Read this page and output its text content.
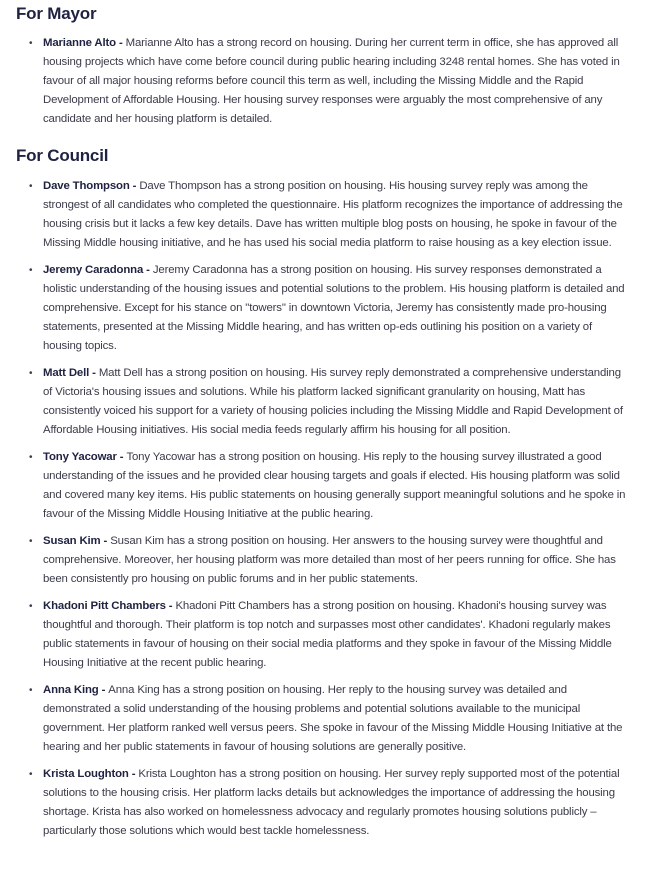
For Mayor
• Marianne Alto - Marianne Alto has a strong record on housing. During her current term in office, she has approved all housing projects which have come before council during public hearing including 3248 rental homes. She has voted in favour of all major housing reforms before council this term as well, including the Missing Middle and the Rapid Development of Affordable Housing. Her housing survey responses were arguably the most comprehensive of any candidate and her housing platform is detailed.
For Council
• Dave Thompson - Dave Thompson has a strong position on housing. His housing survey reply was among the strongest of all candidates who completed the questionnaire. His platform recognizes the importance of addressing the housing crisis but it lacks a few key details. Dave has written multiple blog posts on housing, he spoke in favour of the Missing Middle housing initiative, and he has used his social media platform to raise housing as a key election issue.
• Jeremy Caradonna - Jeremy Caradonna has a strong position on housing. His survey responses demonstrated a holistic understanding of the housing issues and potential solutions to the problem. His housing platform is detailed and comprehensive. Except for his stance on "towers" in downtown Victoria, Jeremy has consistently made pro-housing statements, presented at the Missing Middle hearing, and has written op-eds outlining his position on a variety of housing topics.
• Matt Dell - Matt Dell has a strong position on housing. His survey reply demonstrated a comprehensive understanding of Victoria's housing issues and solutions. While his platform lacked significant granularity on housing, Matt has consistently voiced his support for a variety of housing policies including the Missing Middle and Rapid Development of Affordable Housing initiatives. His social media feeds regularly affirm his housing for all position.
• Tony Yacowar - Tony Yacowar has a strong position on housing. His reply to the housing survey illustrated a good understanding of the issues and he provided clear housing targets and goals if elected. His housing platform was solid and covered many key items. His public statements on housing generally support meaningful solutions and he spoke in favour of the Missing Middle Housing Initiative at the public hearing.
• Susan Kim - Susan Kim has a strong position on housing. Her answers to the housing survey were thoughtful and comprehensive. Moreover, her housing platform was more detailed than most of her peers running for office. She has been consistently pro housing on public forums and in her public statements.
• Khadoni Pitt Chambers - Khadoni Pitt Chambers has a strong position on housing. Khadoni's housing survey was thoughtful and thorough. Their platform is top notch and surpasses most other candidates'. Khadoni regularly makes public statements in favour of housing on their social media platforms and they spoke in favour of the Missing Middle Housing Initiative at the recent public hearing.
• Anna King - Anna King has a strong position on housing. Her reply to the housing survey was detailed and demonstrated a solid understanding of the housing problems and potential solutions available to the municipal government. Her platform ranked well versus peers. She spoke in favour of the Missing Middle Housing Initiative at the hearing and her public statements in favour of housing solutions are generally positive.
• Krista Loughton - Krista Loughton has a strong position on housing. Her survey reply supported most of the potential solutions to the housing crisis. Her platform lacks details but acknowledges the importance of addressing the housing shortage. Krista has also worked on homelessness advocacy and regularly promotes housing solutions publicly – particularly those solutions which would best tackle homelessness.
